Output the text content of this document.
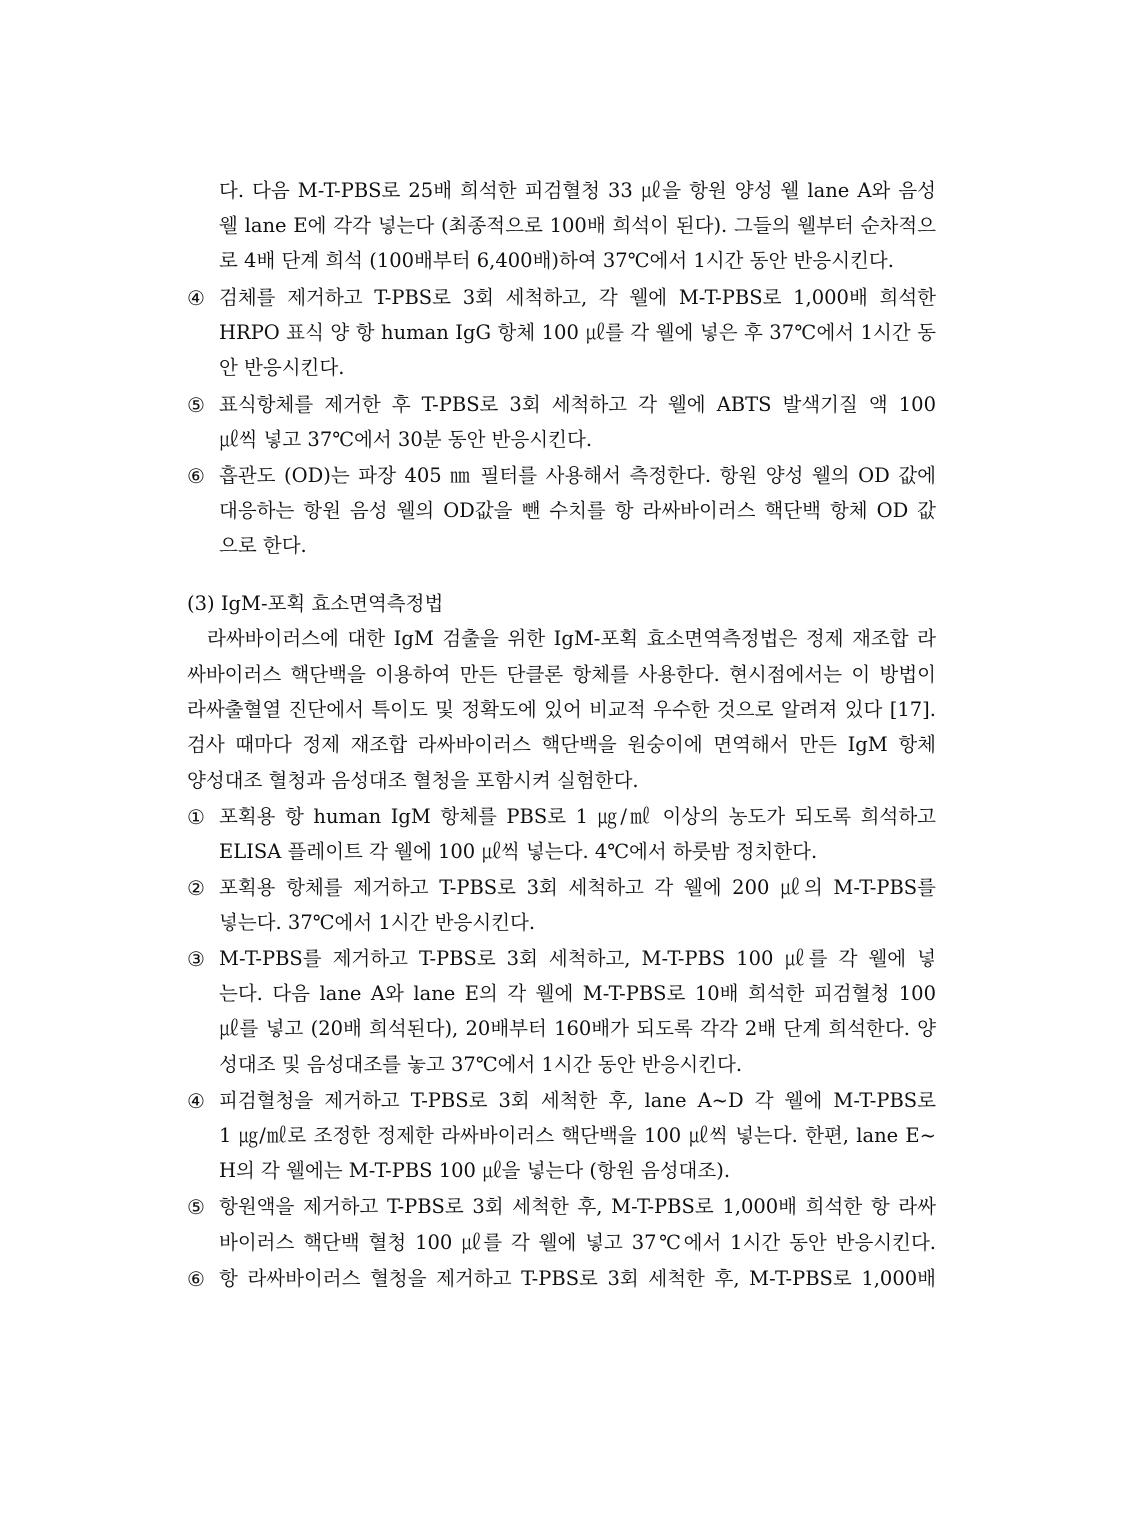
다. 다음 M-T-PBS로 25배 희석한 피검혈청 33 ㎕을 항원 양성 웰 lane A와 음성
웰 lane E에 각각 넣는다 (최종적으로 100배 희석이 된다). 그들의 웰부터 순차적으
로 4배 단계 희석 (100배부터 6,400배)하여 37℃에서 1시간 동안 반응시킨다.
④ 검체를 제거하고 T-PBS로 3회 세척하고, 각 웰에 M-T-PBS로 1,000배 희석한
HRPO 표식 양 항 human IgG 항체 100 ㎕를 각 웰에 넣은 후 37℃에서 1시간 동
안 반응시킨다.
⑤ 표식항체를 제거한 후 T-PBS로 3회 세척하고 각 웰에 ABTS 발색기질 액 100
㎕씩 넣고 37℃에서 30분 동안 반응시킨다.
⑥ 흡관도 (OD)는 파장 405 ㎚ 필터를 사용해서 측정한다. 항원 양성 웰의 OD 값에
대응하는 항원 음성 웰의 OD값을 뺀 수치를 항 라싸바이러스 핵단백 항체 OD 값
으로 한다.
(3) IgM-포획 효소면역측정법
라싸바이러스에 대한 IgM 검출을 위한 IgM-포획 효소면역측정법은 정제 재조합 라
싸바이러스 핵단백을 이용하여 만든 단클론 항체를 사용한다. 현시점에서는 이 방법이
라싸출혈열 진단에서 특이도 및 정확도에 있어 비교적 우수한 것으로 알려져 있다 [17].
검사 때마다 정제 재조합 라싸바이러스 핵단백을 원숭이에 면역해서 만든 IgM 항체
양성대조 혈청과 음성대조 혈청을 포함시켜 실험한다.
① 포획용 항 human IgM 항체를 PBS로 1 ㎍/㎖ 이상의 농도가 되도록 희석하고
ELISA 플레이트 각 웰에 100 ㎕씩 넣는다. 4℃에서 하룻밤 정치한다.
② 포획용 항체를 제거하고 T-PBS로 3회 세척하고 각 웰에 200 ㎕의 M-T-PBS를
넣는다. 37℃에서 1시간 반응시킨다.
③ M-T-PBS를 제거하고 T-PBS로 3회 세척하고, M-T-PBS 100 ㎕를 각 웰에 넣
는다. 다음 lane A와 lane E의 각 웰에 M-T-PBS로 10배 희석한 피검혈청 100
㎕를 넣고 (20배 희석된다), 20배부터 160배가 되도록 각각 2배 단계 희석한다. 양
성대조 및 음성대조를 놓고 37℃에서 1시간 동안 반응시킨다.
④ 피검혈청을 제거하고 T-PBS로 3회 세척한 후, lane A~D 각 웰에 M-T-PBS로
1 ㎍/㎖로 조정한 정제한 라싸바이러스 핵단백을 100 ㎕씩 넣는다. 한편, lane E~
H의 각 웰에는 M-T-PBS 100 ㎕을 넣는다 (항원 음성대조).
⑤ 항원액을 제거하고 T-PBS로 3회 세척한 후, M-T-PBS로 1,000배 희석한 항 라싸
바이러스 핵단백 혈청 100 ㎕를 각 웰에 넣고 37℃에서 1시간 동안 반응시킨다.
⑥ 항 라싸바이러스 혈청을 제거하고 T-PBS로 3회 세척한 후, M-T-PBS로 1,000배
